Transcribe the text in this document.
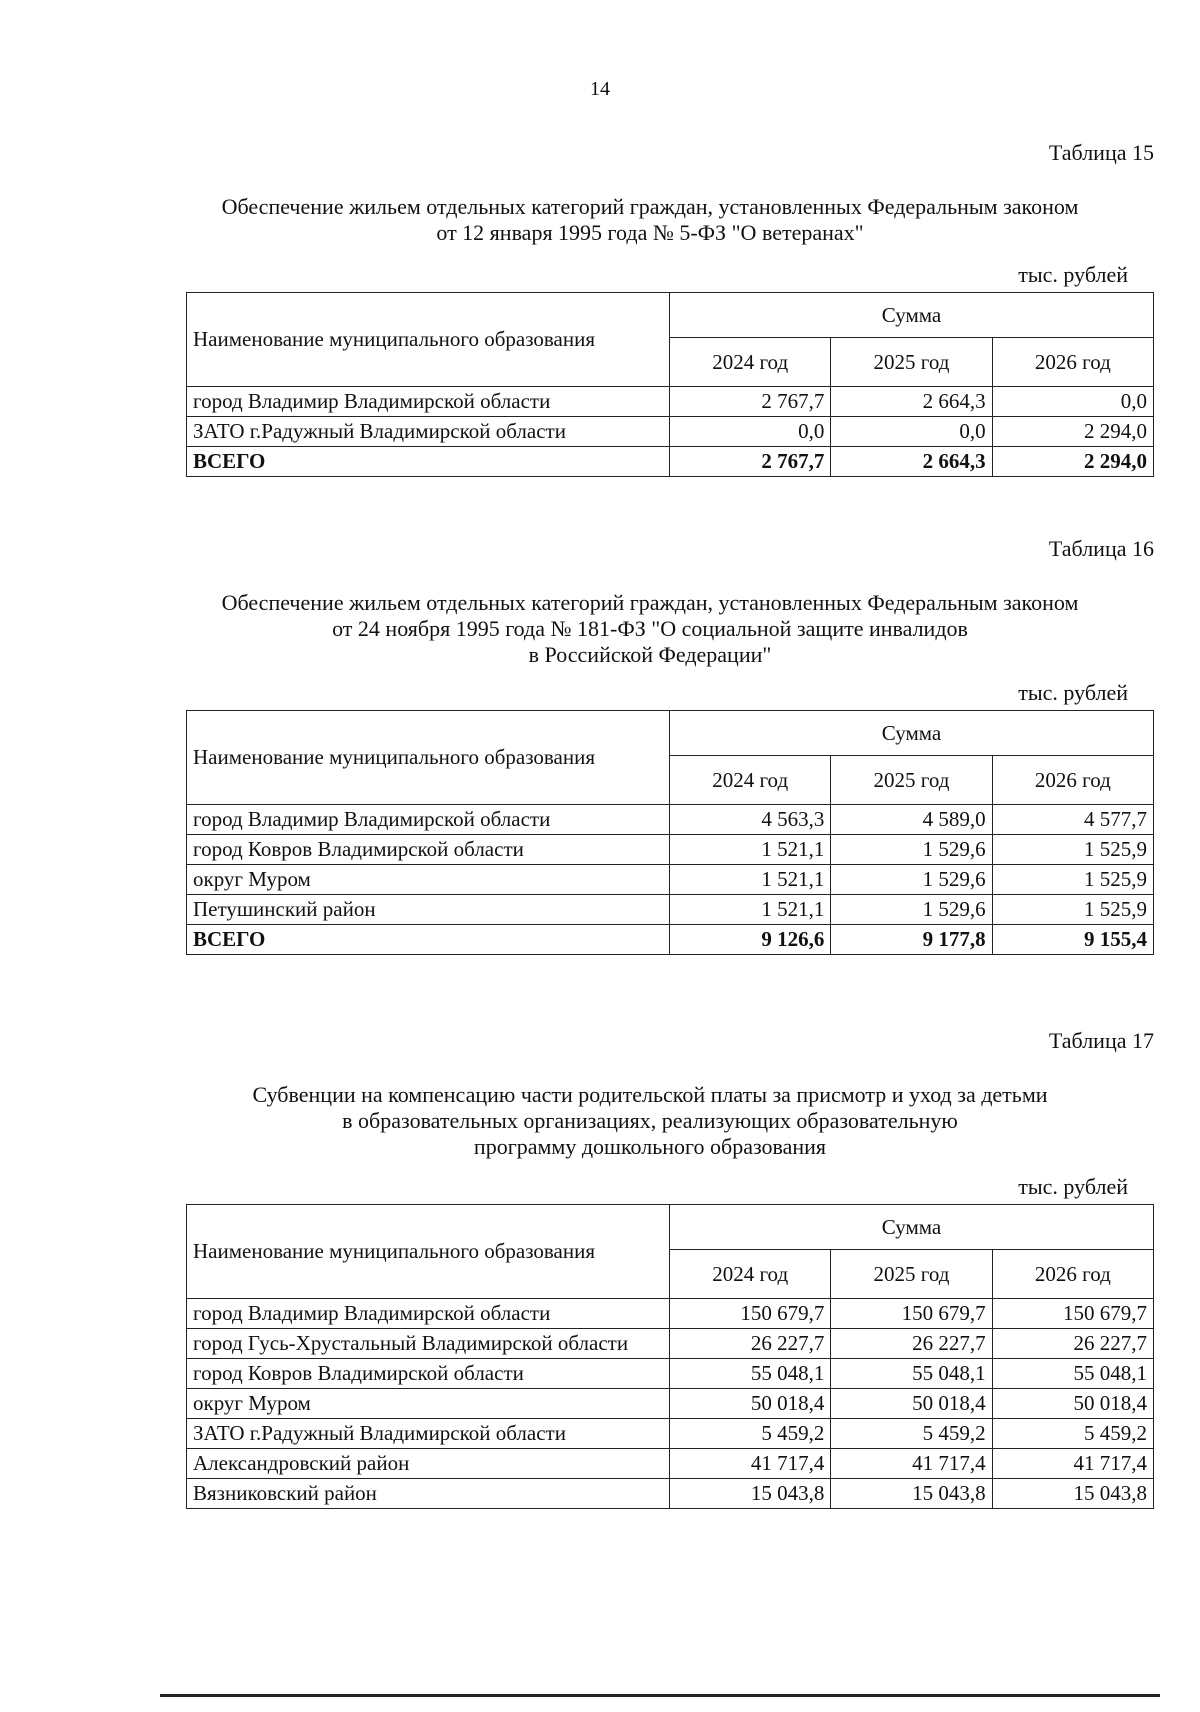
14
Таблица 15
Обеспечение жильем отдельных категорий граждан, установленных Федеральным законом
от 12 января 1995 года № 5-ФЗ "О ветеранах"
тыс. рублей
Наименование муниципального образования	Сумма		
	2024 год	2025 год	2026 год
город Владимир Владимирской области	2 767,7	2 664,3	0,0
ЗАТО г.Радужный Владимирской области	0,0	0,0	2 294,0
ВСЕГО	2 767,7	2 664,3	2 294,0
Таблица 16
Обеспечение жильем отдельных категорий граждан, установленных Федеральным законом
от 24 ноября 1995 года № 181-ФЗ "О социальной защите инвалидов
в Российской Федерации"
тыс. рублей
Наименование муниципального образования	Сумма		
	2024 год	2025 год	2026 год
город Владимир Владимирской области	4 563,3	4 589,0	4 577,7
город Ковров Владимирской области	1 521,1	1 529,6	1 525,9
округ Муром	1 521,1	1 529,6	1 525,9
Петушинский район	1 521,1	1 529,6	1 525,9
ВСЕГО	9 126,6	9 177,8	9 155,4
Таблица 17
Субвенции на компенсацию части родительской платы за присмотр и уход за детьми
в образовательных организациях, реализующих образовательную
программу дошкольного образования
тыс. рублей
Наименование муниципального образования	Сумма		
	2024 год	2025 год	2026 год
город Владимир Владимирской области	150 679,7	150 679,7	150 679,7
город Гусь-Хрустальный Владимирской области	26 227,7	26 227,7	26 227,7
город Ковров Владимирской области	55 048,1	55 048,1	55 048,1
округ Муром	50 018,4	50 018,4	50 018,4
ЗАТО г.Радужный Владимирской области	5 459,2	5 459,2	5 459,2
Александровский район	41 717,4	41 717,4	41 717,4
Вязниковский район	15 043,8	15 043,8	15 043,8
